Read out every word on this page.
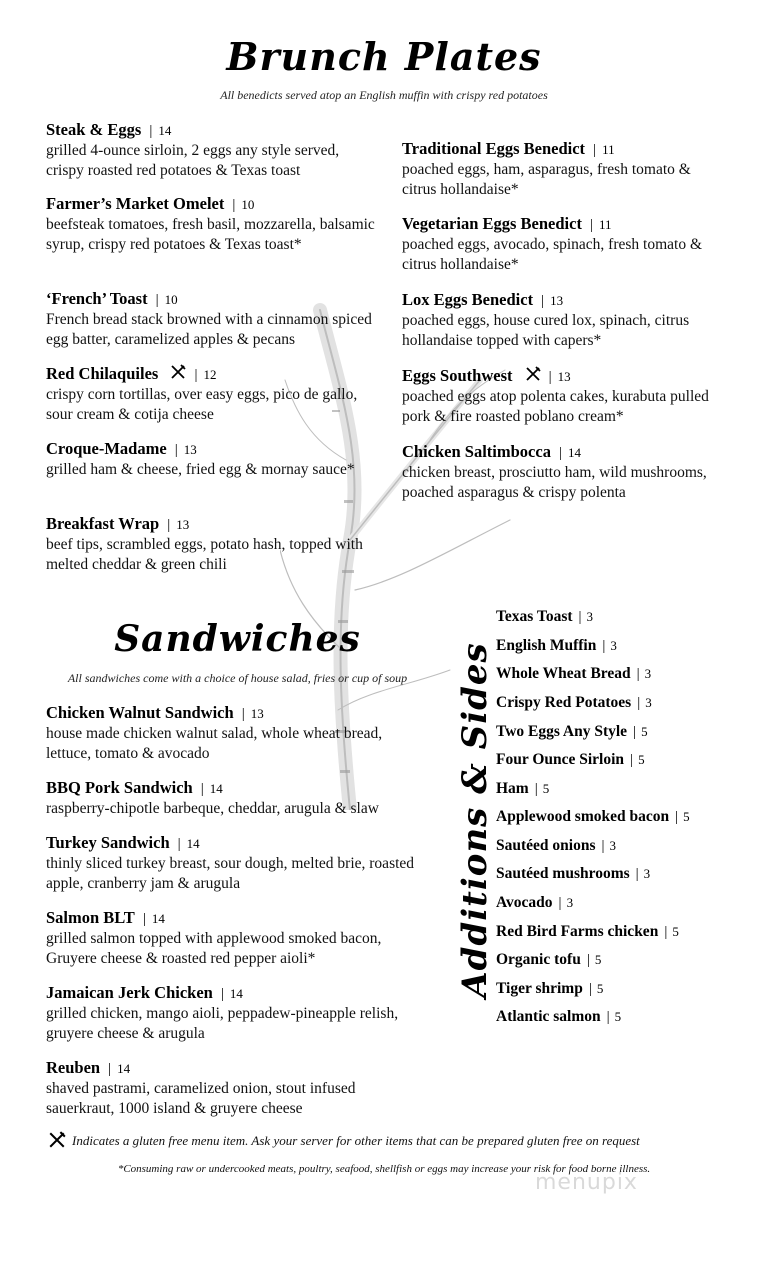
Brunch Plates
All benedicts served atop an English muffin with crispy red potatoes
Steak & Eggs | 14
grilled 4-ounce sirloin, 2 eggs any style served, crispy roasted red potatoes & Texas toast
Farmer’s Market Omelet | 10
beefsteak tomatoes, fresh basil, mozzarella, balsamic syrup, crispy red potatoes & Texas toast*
‘French’ Toast | 10
French bread stack browned with a cinnamon spiced egg batter, caramelized apples & pecans
Red Chilaquiles | 12
crispy corn tortillas, over easy eggs, pico de gallo, sour cream & cotija cheese
Croque-Madame | 13
grilled ham & cheese, fried egg & mornay sauce*
Breakfast Wrap | 13
beef tips, scrambled eggs, potato hash, topped with melted cheddar & green chili
Traditional Eggs Benedict | 11
poached eggs, ham, asparagus, fresh tomato & citrus hollandaise*
Vegetarian Eggs Benedict | 11
poached eggs, avocado, spinach, fresh tomato & citrus hollandaise*
Lox Eggs Benedict | 13
poached eggs, house cured lox, spinach, citrus hollandaise topped with capers*
Eggs Southwest | 13
poached eggs atop polenta cakes, kurabuta pulled pork & fire roasted poblano cream*
Chicken Saltimbocca | 14
chicken breast, prosciutto ham, wild mushrooms, poached asparagus & crispy polenta
Sandwiches
All sandwiches come with a choice of house salad, fries or cup of soup
Chicken Walnut Sandwich | 13
house made chicken walnut salad, whole wheat bread, lettuce, tomato & avocado
BBQ Pork Sandwich | 14
raspberry-chipotle barbeque, cheddar, arugula & slaw
Turkey Sandwich | 14
thinly sliced turkey breast, sour dough, melted brie, roasted apple, cranberry jam & arugula
Salmon BLT | 14
grilled salmon topped with applewood smoked bacon, Gruyere cheese & roasted red pepper aioli*
Jamaican Jerk Chicken | 14
grilled chicken, mango aioli, peppadew-pineapple relish, gruyere cheese & arugula
Reuben | 14
shaved pastrami, caramelized onion, stout infused sauerkraut, 1000 island & gruyere cheese
Additions & Sides
Texas Toast | 3
English Muffin | 3
Whole Wheat Bread | 3
Crispy Red Potatoes | 3
Two Eggs Any Style | 5
Four Ounce Sirloin | 5
Ham | 5
Applewood smoked bacon | 5
Sautéed onions | 3
Sautéed mushrooms | 3
Avocado | 3
Red Bird Farms chicken | 5
Organic tofu | 5
Tiger shrimp | 5
Atlantic salmon | 5
Indicates a gluten free menu item. Ask your server for other items that can be prepared gluten free on request
*Consuming raw or undercooked meats, poultry, seafood, shellfish or eggs may increase your risk for food borne illness.
menupix
